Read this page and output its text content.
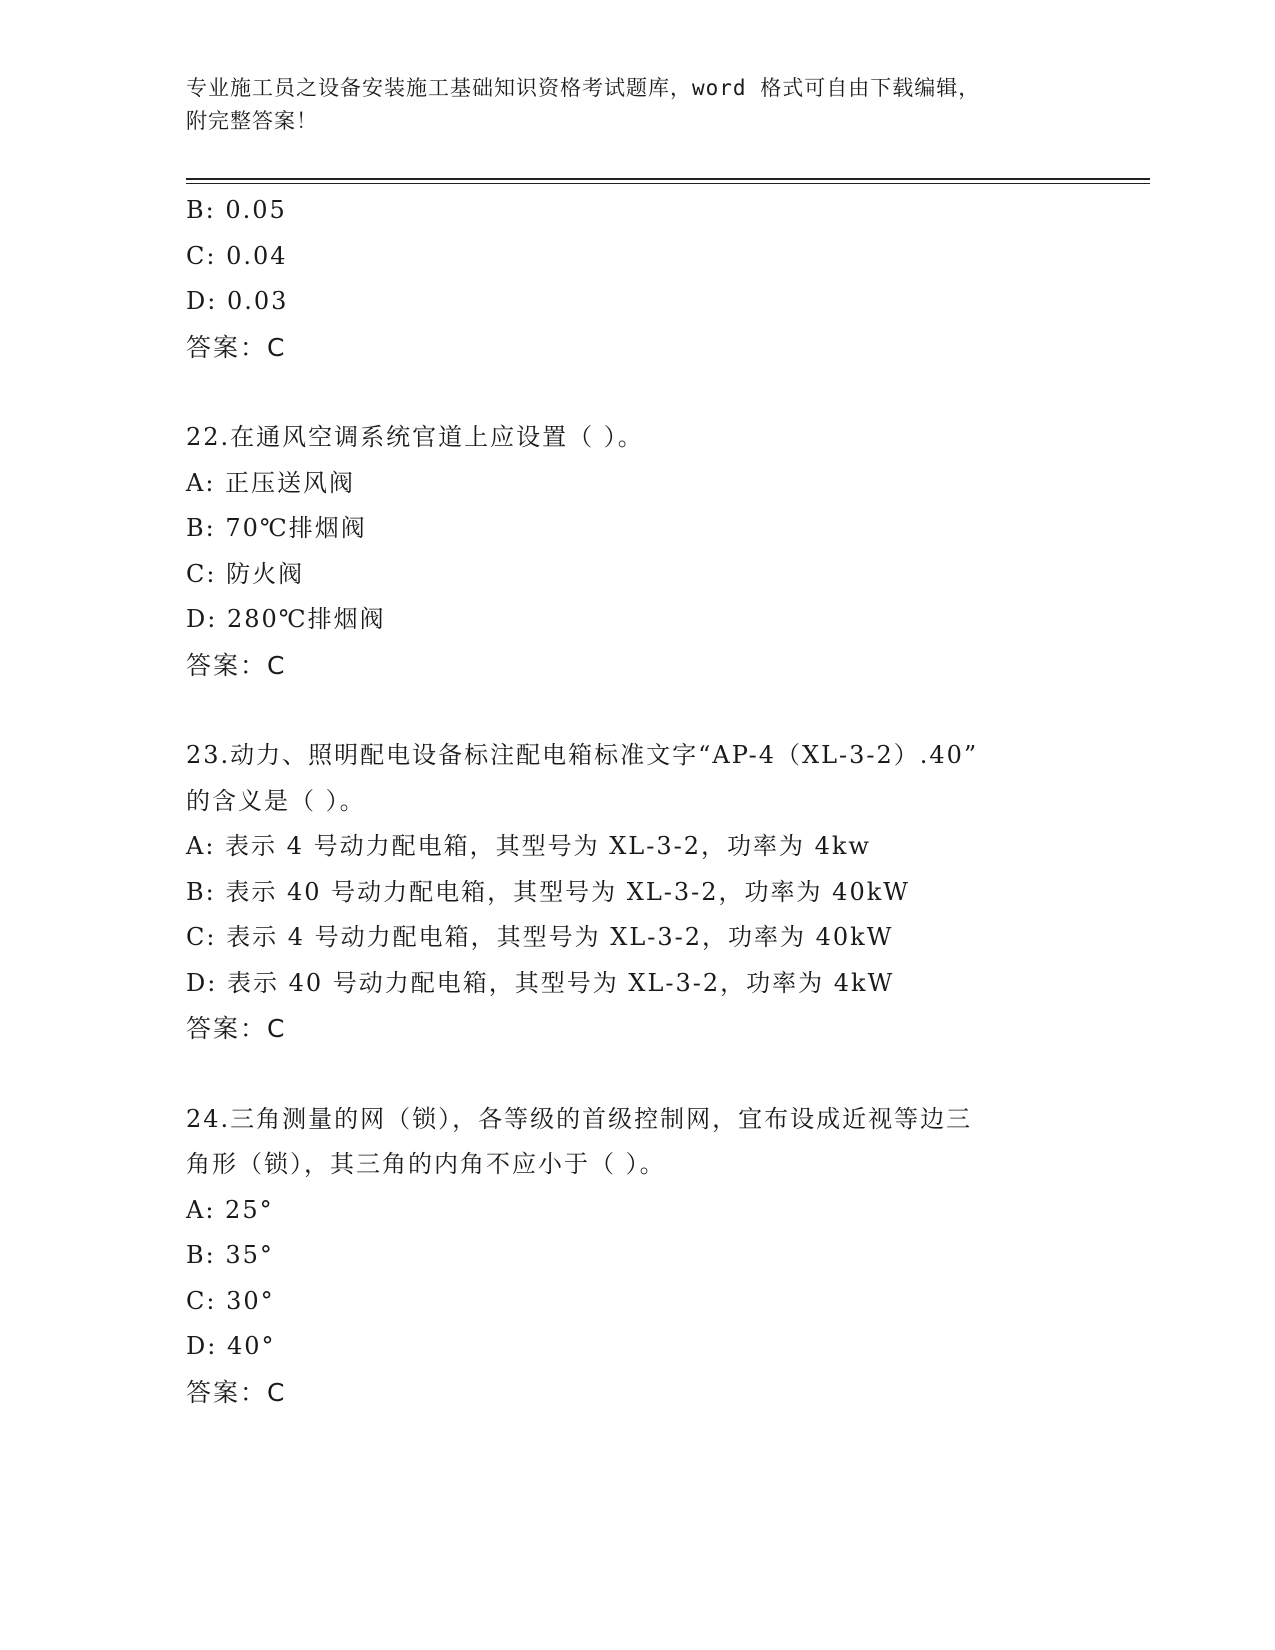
专业施工员之设备安装施工基础知识资格考试题库，word 格式可自由下载编辑，
附完整答案！
B: 0.05
C: 0.04
D: 0.03
答案：C
22.在通风空调系统官道上应设置（ ）。
A: 正压送风阀
B: 70℃排烟阀
C: 防火阀
D: 280℃排烟阀
答案：C
23.动力、照明配电设备标注配电箱标准文字“AP-4（XL-3-2）.40”
的含义是（ ）。
A: 表示 4 号动力配电箱，其型号为 XL-3-2，功率为 4kw
B: 表示 40 号动力配电箱，其型号为 XL-3-2，功率为 40kW
C: 表示 4 号动力配电箱，其型号为 XL-3-2，功率为 40kW
D: 表示 40 号动力配电箱，其型号为 XL-3-2，功率为 4kW
答案：C
24.三角测量的网（锁），各等级的首级控制网，宜布设成近视等边三
角形（锁），其三角的内角不应小于（ ）。
A: 25°
B: 35°
C: 30°
D: 40°
答案：C
